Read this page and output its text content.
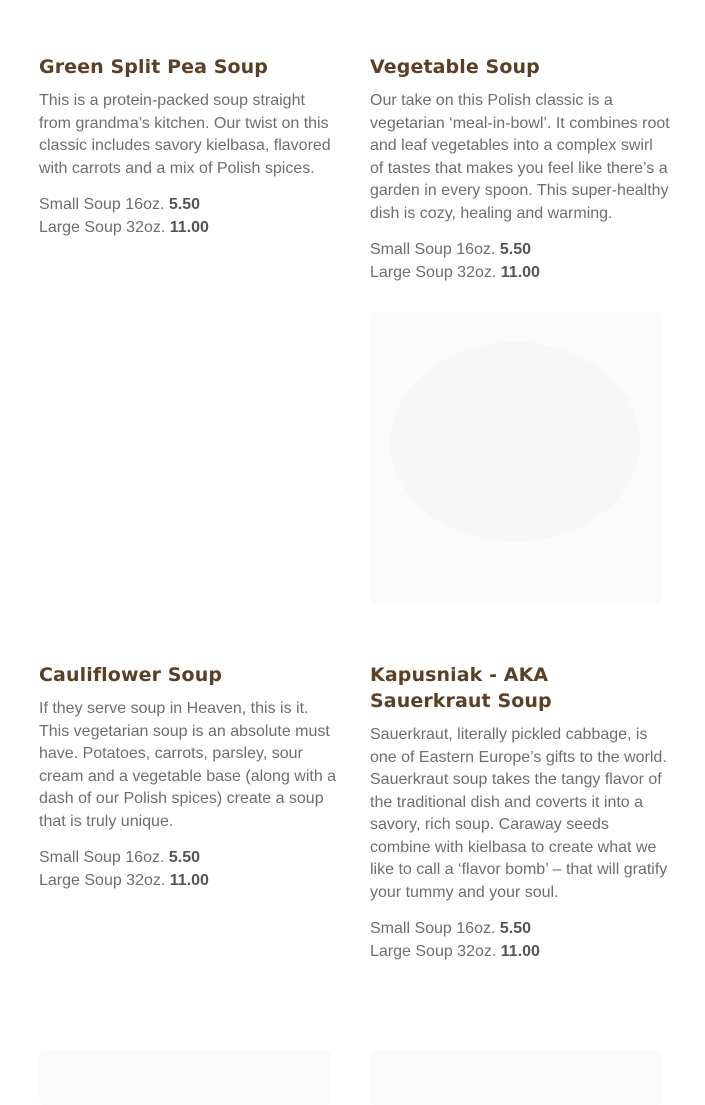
Green Split Pea Soup

This is a protein-packed soup straight from grandma’s kitchen. Our twist on this classic includes savory kielbasa, flavored with carrots and a mix of Polish spices.

Small Soup 16oz. 5.50
Large Soup 32oz. 11.00
Vegetable Soup

Our take on this Polish classic is a vegetarian ‘meal-in-bowl’. It combines root and leaf vegetables into a complex swirl of tastes that makes you feel like there’s a garden in every spoon. This super-healthy dish is cozy, healing and warming.

Small Soup 16oz. 5.50
Large Soup 32oz. 11.00
Cauliflower Soup

If they serve soup in Heaven, this is it. This vegetarian soup is an absolute must have. Potatoes, carrots, parsley, sour cream and a vegetable base (along with a dash of our Polish spices) create a soup that is truly unique.

Small Soup 16oz. 5.50
Large Soup 32oz. 11.00
Kapusniak - AKA Sauerkraut Soup

Sauerkraut, literally pickled cabbage, is one of Eastern Europe’s gifts to the world. Sauerkraut soup takes the tangy flavor of the traditional dish and coverts it into a savory, rich soup. Caraway seeds combine with kielbasa to create what we like to call a ‘flavor bomb’ – that will gratify your tummy and your soul.

Small Soup 16oz. 5.50
Large Soup 32oz. 11.00
